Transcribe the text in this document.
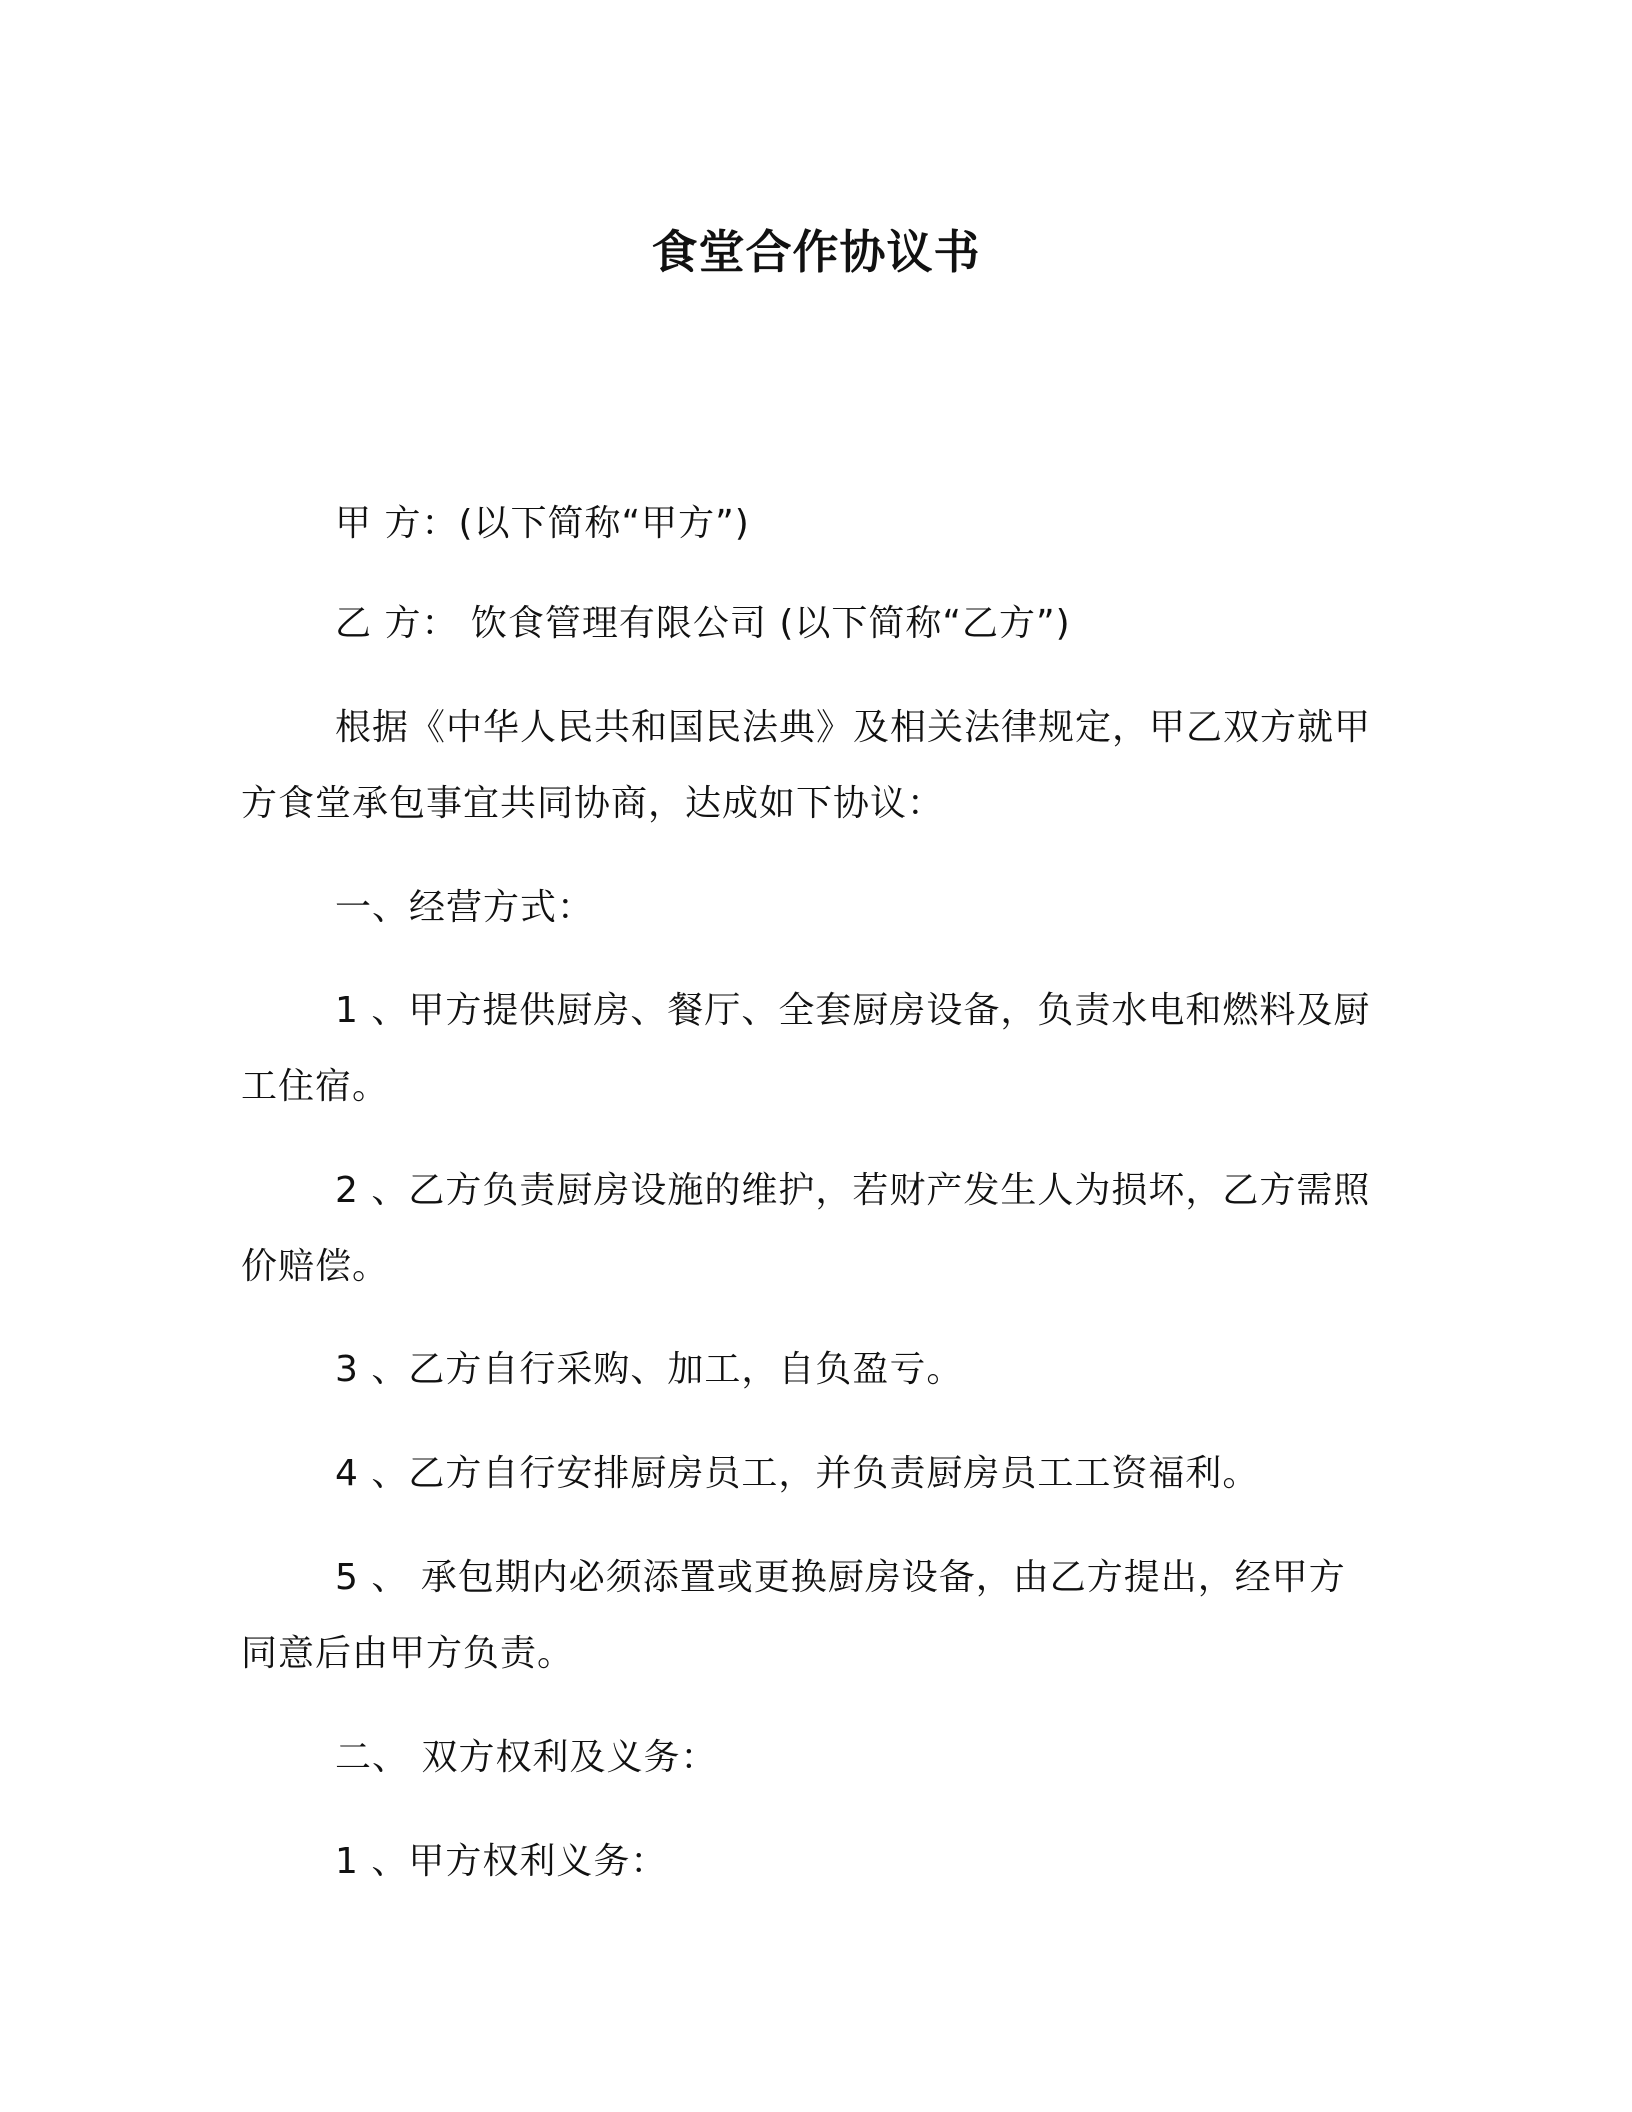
食堂合作协议书

甲 方：(以下简称“甲方”)

乙 方： 饮食管理有限公司 (以下简称“乙方”)

根据《中华人民共和国民法典》及相关法律规定，甲乙双方就甲方食堂承包事宜共同协商，达成如下协议：

一、经营方式：

1 、甲方提供厨房、餐厅、全套厨房设备，负责水电和燃料及厨工住宿。

2 、乙方负责厨房设施的维护，若财产发生人为损坏，乙方需照价赔偿。

3 、乙方自行采购、加工，自负盈亏。

4 、乙方自行安排厨房员工，并负责厨房员工工资福利。

5 、 承包期内必须添置或更换厨房设备，由乙方提出，经甲方同意后由甲方负责。

二、 双方权利及义务：

1 、甲方权利义务：
